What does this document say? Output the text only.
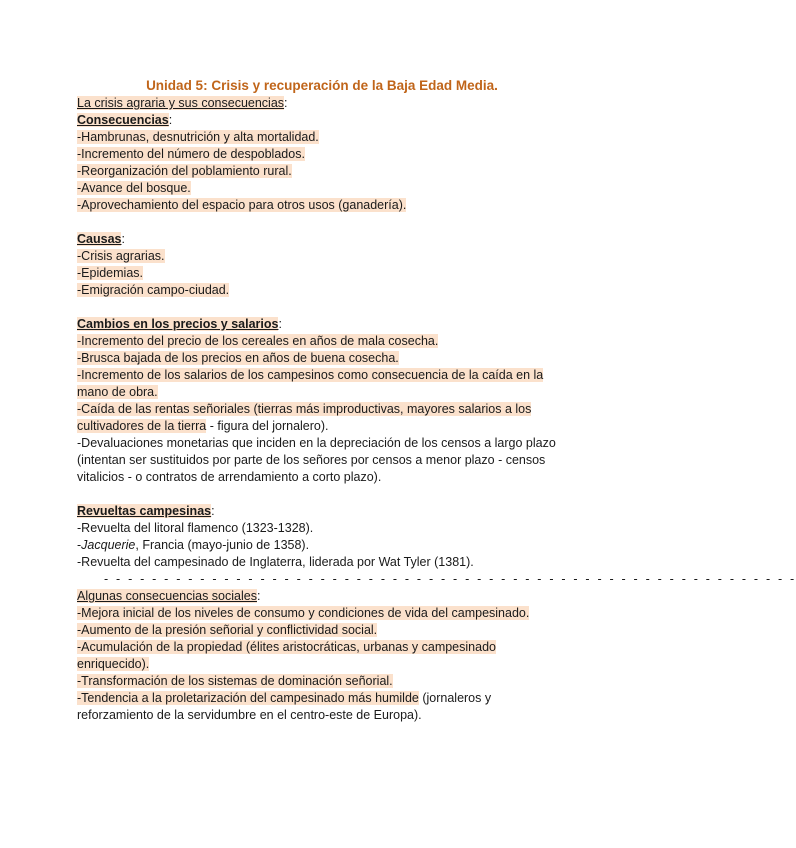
Unidad 5: Crisis y recuperación de la Baja Edad Media.
La crisis agraria y sus consecuencias:
Consecuencias:
-Hambrunas, desnutrición y alta mortalidad.
-Incremento del número de despoblados.
-Reorganización del poblamiento rural.
-Avance del bosque.
-Aprovechamiento del espacio para otros usos (ganadería).
Causas:
-Crisis agrarias.
-Epidemias.
-Emigración campo-ciudad.
Cambios en los precios y salarios:
-Incremento del precio de los cereales en años de mala cosecha.
-Brusca bajada de los precios en años de buena cosecha.
-Incremento de los salarios de los campesinos como consecuencia de la caída en la
mano de obra.
-Caída de las rentas señoriales (tierras más improductivas, mayores salarios a los
cultivadores de la tierra - figura del jornalero).
-Devaluaciones monetarias que inciden en la depreciación de los censos a largo plazo
(intentan ser sustituidos por parte de los señores por censos a menor plazo - censos
vitalicios - o contratos de arrendamiento a corto plazo).
Revueltas campesinas:
-Revuelta del litoral flamenco (1323-1328).
-Jacquerie, Francia (mayo-junio de 1358).
-Revuelta del campesinado de Inglaterra, liderada por Wat Tyler (1381).
- - - - - - - - - - - - - - - - - - - - - - - - - - - - - - - - - - - - - - - - - - - - - - - - - - - - - - - - - -
Algunas consecuencias sociales:
-Mejora inicial de los niveles de consumo y condiciones de vida del campesinado.
-Aumento de la presión señorial y conflictividad social.
-Acumulación de la propiedad (élites aristocráticas, urbanas y campesinado
enriquecido).
-Transformación de los sistemas de dominación señorial.
-Tendencia a la proletarización del campesinado más humilde (jornaleros y
reforzamiento de la servidumbre en el centro-este de Europa).
